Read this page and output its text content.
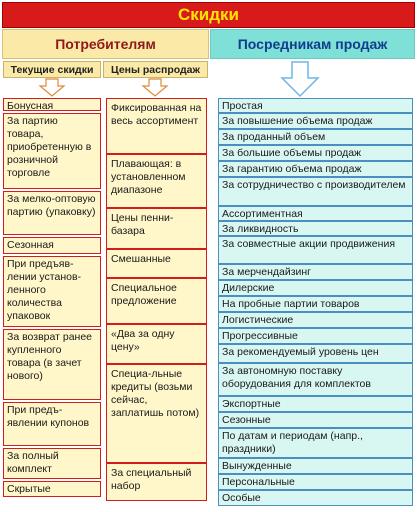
Скидки
Потребителям	Посредникам продаж
Текущие скидки	Цены распродаж
Бонусная
За партию товара, приобретенную в розничной торговле
За мелко-оптовую партию (упаковку)
Сезонная
При предъяв-лении установ-ленного количества упаковок
За возврат ранее купленного товара (в зачет нового)
При предъ-явлении купонов
За полный комплект
Скрытые
Фиксированная на весь ассортимент
Плавающая: в установленном диапазоне
Цены пенни-базара
Смешанные
Специальное предложение
«Два за одну цену»
Специа-льные кредиты (возьми сейчас, заплатишь потом)
За специальный набор
Простая
За повышение объема продаж
За проданный объем
За большие объемы продаж
За гарантию объема продаж
За сотрудничество с производителем
Ассортиментная
За ликвидность
За совместные акции продвижения
За мерчендайзинг
Дилерские
На пробные партии товаров
Логистические
Прогрессивные
За рекомендуемый уровень цен
За автономную поставку оборудования для комплектов
Экспортные
Сезонные
По датам и периодам (напр., праздники)
Вынужденные
Персональные
Особые
